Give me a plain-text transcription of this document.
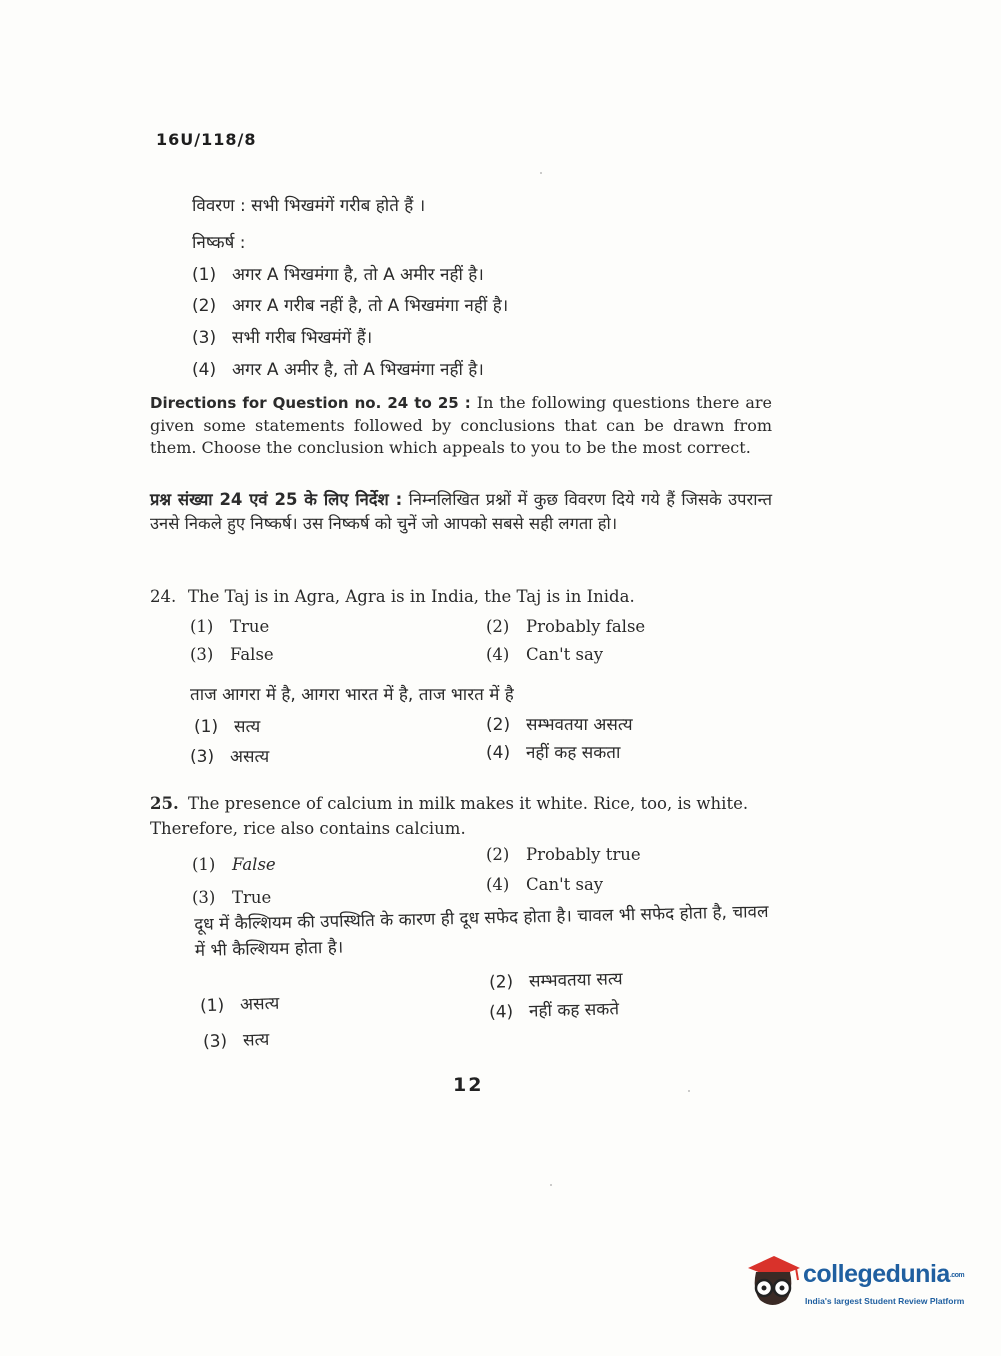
16U/118/8
विवरण : सभी भिखमंगें गरीब होते हैं ।
निष्कर्ष :
(1) अगर A भिखमंगा है, तो A अमीर नहीं है।
(2) अगर A गरीब नहीं है, तो A भिखमंगा नहीं है।
(3) सभी गरीब भिखमंगें हैं।
(4) अगर A अमीर है, तो A भिखमंगा नहीं है।
Directions for Question no. 24 to 25 : In the following questions there are given some statements followed by conclusions that can be drawn from them. Choose the conclusion which appeals to you to be the most correct.
प्रश्न संख्या 24 एवं 25 के लिए निर्देश : निम्नलिखित प्रश्नों में कुछ विवरण दिये गये हैं जिसके उपरान्त उनसे निकले हुए निष्कर्ष। उस निष्कर्ष को चुनें जो आपको सबसे सही लगता हो।
24. The Taj is in Agra, Agra is in India, the Taj is in Inida.
(1) True	(2) Probably false
(3) False	(4) Can't say
ताज आगरा में है, आगरा भारत में है, ताज भारत में है
(1) सत्य	(2) सम्भवतया असत्य
(3) असत्य	(4) नहीं कह सकता
25. The presence of calcium in milk makes it white. Rice, too, is white. Therefore, rice also contains calcium.
(1) False
(2) Probably true
(3) True
(4) Can't say
दूध में कैल्शियम की उपस्थिति के कारण ही दूध सफेद होता है। चावल भी सफेद होता है, चावल में भी कैल्शियम होता है।
(1) असत्य
(2) सम्भवतया सत्य
(3) सत्य
(4) नहीं कह सकते
12
collegedunia.com
India's largest Student Review Platform
